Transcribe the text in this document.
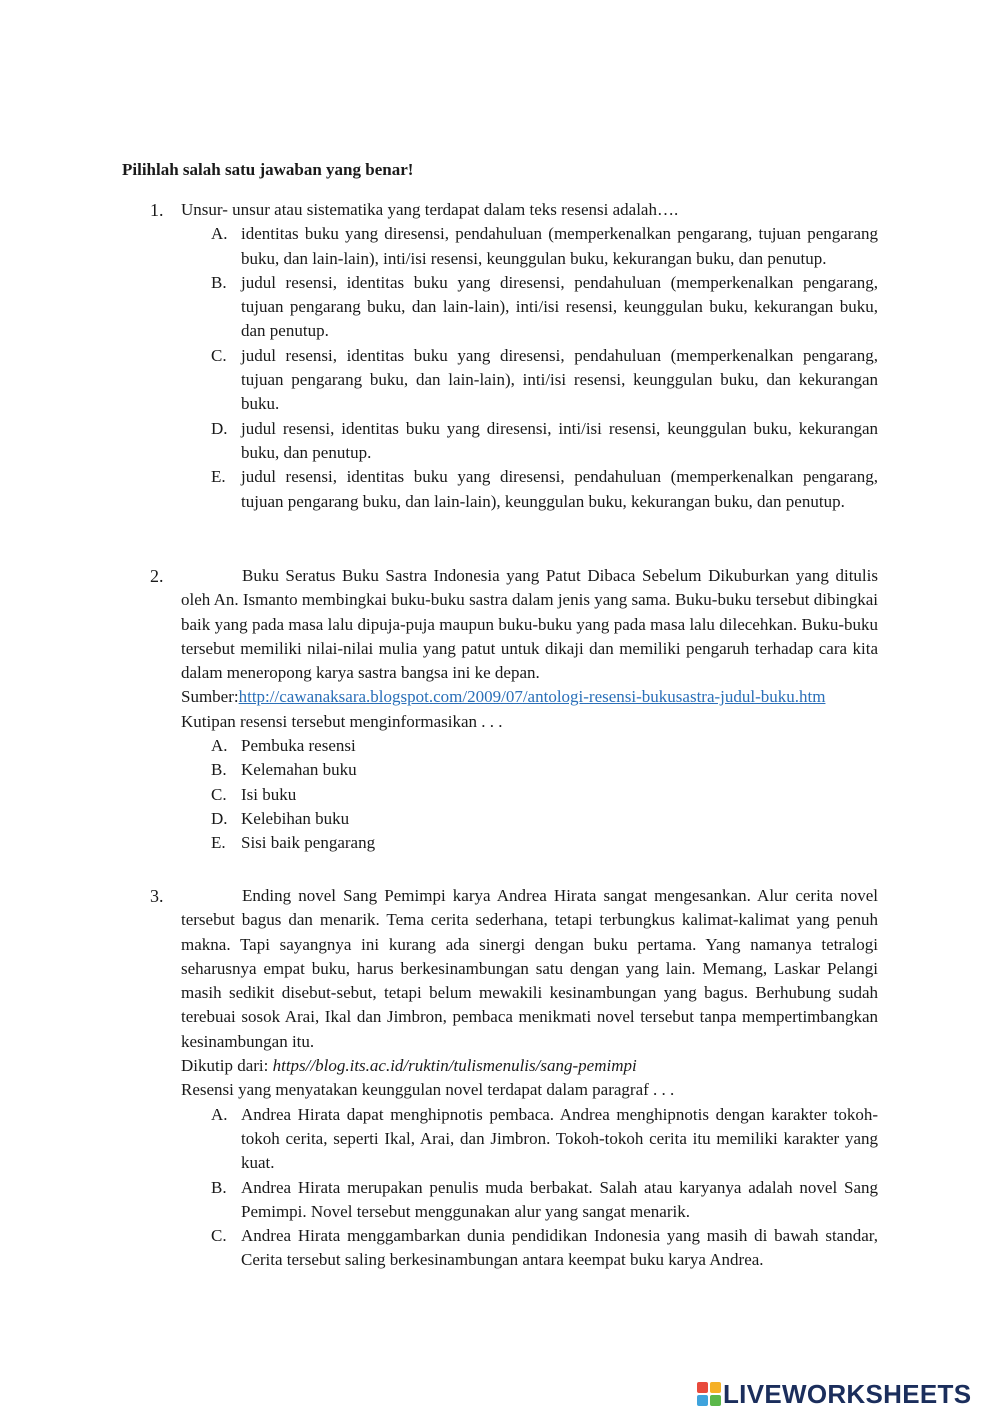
Pilihlah salah satu jawaban yang benar!
1. Unsur- unsur atau sistematika yang terdapat dalam teks resensi adalah….

A. identitas buku yang diresensi, pendahuluan (memperkenalkan pengarang, tujuan pengarang buku, dan lain-lain), inti/isi resensi, keunggulan buku, kekurangan buku, dan penutup.
B. judul resensi, identitas buku yang diresensi, pendahuluan (memperkenalkan pengarang, tujuan pengarang buku, dan lain-lain), inti/isi resensi, keunggulan buku, kekurangan buku, dan penutup.
C. judul resensi, identitas buku yang diresensi, pendahuluan (memperkenalkan pengarang, tujuan pengarang buku, dan lain-lain), inti/isi resensi, keunggulan buku, dan kekurangan buku.
D. judul resensi, identitas buku yang diresensi, inti/isi resensi, keunggulan buku, kekurangan buku, dan penutup.
E. judul resensi, identitas buku yang diresensi, pendahuluan (memperkenalkan pengarang, tujuan pengarang buku, dan lain-lain), keunggulan buku, kekurangan buku, dan penutup.
2.	Buku Seratus Buku Sastra Indonesia yang Patut Dibaca Sebelum Dikuburkan yang ditulis oleh An. Ismanto membingkai buku-buku sastra dalam jenis yang sama. Buku-buku tersebut dibingkai baik yang pada masa lalu dipuja-puja maupun buku-buku yang pada masa lalu dilecehkan. Buku-buku tersebut memiliki nilai-nilai mulia yang patut untuk dikaji dan memiliki pengaruh terhadap cara kita dalam meneropong karya sastra bangsa ini ke depan.

Sumber:http://cawanaksara.blogspot.com/2009/07/antologi-resensi-bukusastra-judul-buku.htm

Kutipan resensi tersebut menginformasikan . . .

A. Pembuka resensi
B. Kelemahan buku
C. Isi buku
D. Kelebihan buku
E. Sisi baik pengarang
3.	Ending novel Sang Pemimpi karya Andrea Hirata sangat mengesankan. Alur cerita novel tersebut bagus dan menarik. Tema cerita sederhana, tetapi terbungkus kalimat-kalimat yang penuh makna. Tapi sayangnya ini kurang ada sinergi dengan buku pertama. Yang namanya tetralogi seharusnya empat buku, harus berkesinambungan satu dengan yang lain. Memang, Laskar Pelangi masih sedikit disebut-sebut, tetapi belum mewakili kesinambungan yang bagus. Berhubung sudah terebuai sosok Arai, Ikal dan Jimbron, pembaca menikmati novel tersebut tanpa mempertimbangkan kesinambungan itu.

Dikutip dari: https//blog.its.ac.id/ruktin/tulismenulis/sang-pemimpi

Resensi yang menyatakan keunggulan novel terdapat dalam paragraf . . .

A. Andrea Hirata dapat menghipnotis pembaca. Andrea menghipnotis dengan karakter tokoh-tokoh cerita, seperti Ikal, Arai, dan Jimbron. Tokoh-tokoh cerita itu memiliki karakter yang kuat.
B. Andrea Hirata merupakan penulis muda berbakat. Salah atau karyanya adalah novel Sang Pemimpi. Novel tersebut menggunakan alur yang sangat menarik.
C. Andrea Hirata menggambarkan dunia pendidikan Indonesia yang masih di bawah standar, Cerita tersebut saling berkesinambungan antara keempat buku karya Andrea.
LIVEWORKSHEETS
